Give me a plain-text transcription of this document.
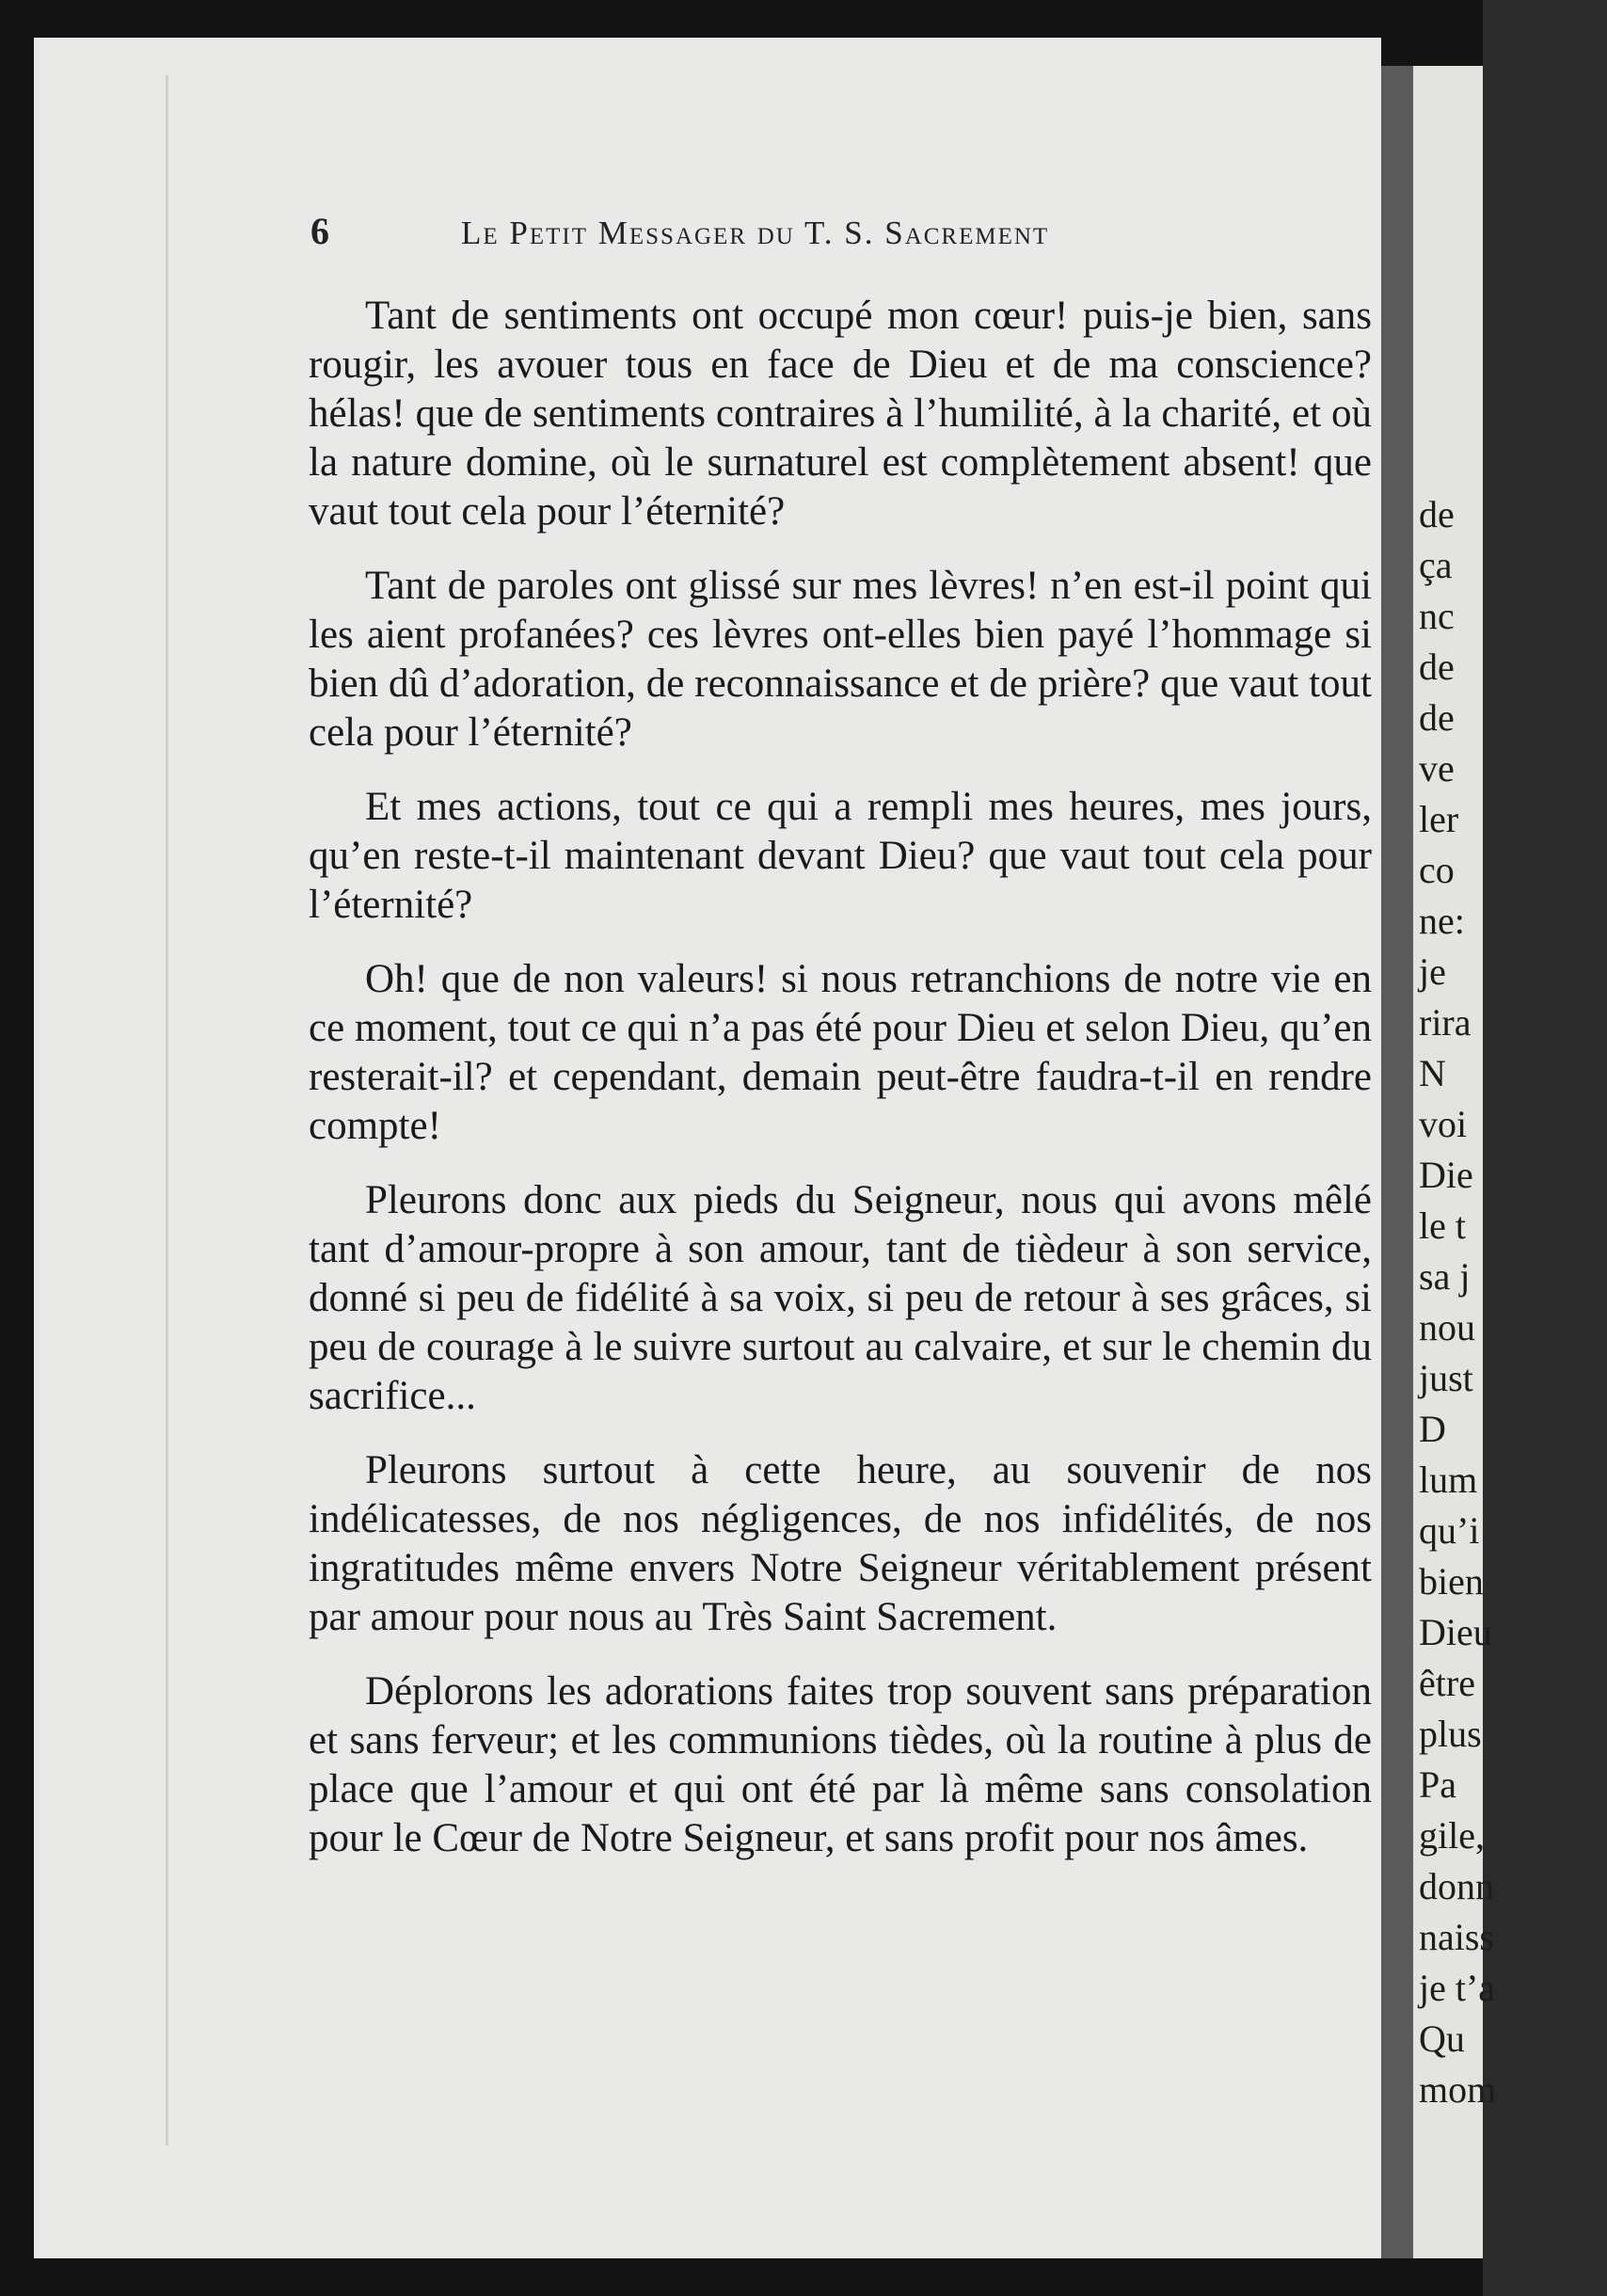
6	Le Petit Messager du T. S. Sacrement

Tant de sentiments ont occupé mon cœur! puis-je bien, sans rougir, les avouer tous en face de Dieu et de ma conscience? hélas! que de sentiments contraires à l’humilité, à la charité, et où la nature domine, où le surnaturel est complètement absent! que vaut tout cela pour l’éternité?

Tant de paroles ont glissé sur mes lèvres! n’en est-il point qui les aient profanées? ces lèvres ont-elles bien payé l’hommage si bien dû d’adoration, de reconnaissance et de prière? que vaut tout cela pour l’éternité?

Et mes actions, tout ce qui a rempli mes heures, mes jours, qu’en reste-t-il maintenant devant Dieu? que vaut tout cela pour l’éternité?

Oh! que de non valeurs! si nous retranchions de notre vie en ce moment, tout ce qui n’a pas été pour Dieu et selon Dieu, qu’en resterait-il? et cependant, demain peut-être faudra-t-il en rendre compte!

Pleurons donc aux pieds du Seigneur, nous qui avons mêlé tant d’amour-propre à son amour, tant de tièdeur à son service, donné si peu de fidélité à sa voix, si peu de retour à ses grâces, si peu de courage à le suivre surtout au calvaire, et sur le chemin du sacrifice...

Pleurons surtout à cette heure, au souvenir de nos indélicatesses, de nos négligences, de nos infidélités, de nos ingratitudes même envers Notre Seigneur véritablement présent par amour pour nous au Très Saint Sacrement.

Déplorons les adorations faites trop souvent sans préparation et sans ferveur; et les communions tièdes, où la routine à plus de place que l’amour et qui ont été par là même sans consolation pour le Cœur de Notre Seigneur, et sans profit pour nos âmes.

de
ça
nc
de
de
ve
ler
co
ne:
je
rira
N
voi
Die
le t
sa j
nou
just
D
lum
qu’i
bien
Dieu
être
plus
Pa
gile,
donn
naiss
je t’a
Qu
mom
